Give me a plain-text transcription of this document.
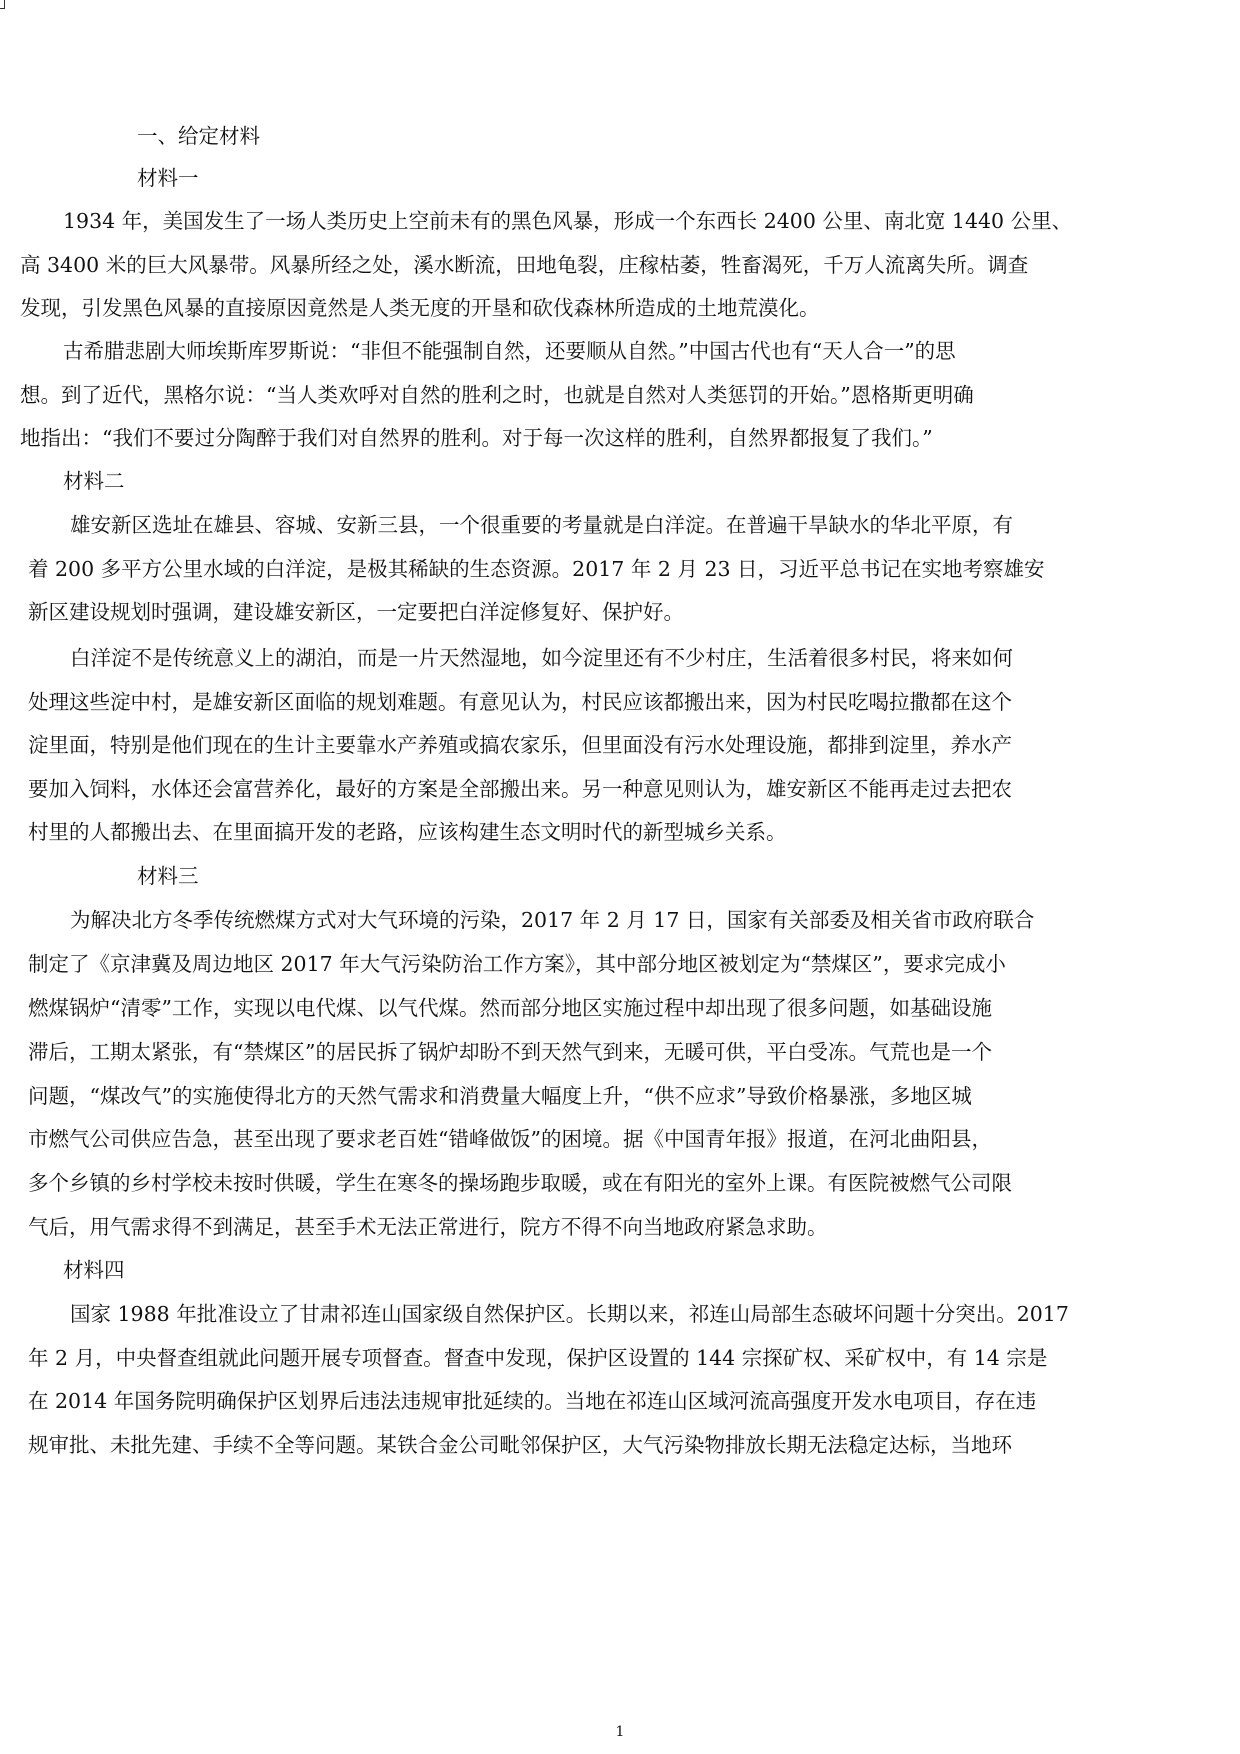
一、给定材料
材料一
1934 年，美国发生了一场人类历史上空前未有的黑色风暴，形成一个东西长 2400 公里、南北宽 1440 公里、
高 3400 米的巨大风暴带。风暴所经之处，溪水断流，田地龟裂，庄稼枯萎，牲畜渴死，千万人流离失所。调查
发现，引发黑色风暴的直接原因竟然是人类无度的开垦和砍伐森林所造成的土地荒漠化。
古希腊悲剧大师埃斯库罗斯说：“非但不能强制自然，还要顺从自然。”中国古代也有“天人合一”的思
想。到了近代，黑格尔说：“当人类欢呼对自然的胜利之时，也就是自然对人类惩罚的开始。”恩格斯更明确
地指出：“我们不要过分陶醉于我们对自然界的胜利。对于每一次这样的胜利，自然界都报复了我们。”
材料二
雄安新区选址在雄县、容城、安新三县，一个很重要的考量就是白洋淀。在普遍干旱缺水的华北平原，有
着 200 多平方公里水域的白洋淀，是极其稀缺的生态资源。2017 年 2 月 23 日，习近平总书记在实地考察雄安
新区建设规划时强调，建设雄安新区，一定要把白洋淀修复好、保护好。
白洋淀不是传统意义上的湖泊，而是一片天然湿地，如今淀里还有不少村庄，生活着很多村民，将来如何
处理这些淀中村，是雄安新区面临的规划难题。有意见认为，村民应该都搬出来，因为村民吃喝拉撒都在这个
淀里面，特别是他们现在的生计主要靠水产养殖或搞农家乐，但里面没有污水处理设施，都排到淀里，养水产
要加入饲料，水体还会富营养化，最好的方案是全部搬出来。另一种意见则认为，雄安新区不能再走过去把农
村里的人都搬出去、在里面搞开发的老路，应该构建生态文明时代的新型城乡关系。
材料三
为解决北方冬季传统燃煤方式对大气环境的污染，2017 年 2 月 17 日，国家有关部委及相关省市政府联合
制定了《京津冀及周边地区 2017 年大气污染防治工作方案》，其中部分地区被划定为“禁煤区”，要求完成小
燃煤锅炉“清零”工作，实现以电代煤、以气代煤。然而部分地区实施过程中却出现了很多问题，如基础设施
滞后，工期太紧张，有“禁煤区”的居民拆了锅炉却盼不到天然气到来，无暖可供，平白受冻。气荒也是一个
问题，“煤改气”的实施使得北方的天然气需求和消费量大幅度上升，“供不应求”导致价格暴涨，多地区城
市燃气公司供应告急，甚至出现了要求老百姓“错峰做饭”的困境。据《中国青年报》报道，在河北曲阳县，
多个乡镇的乡村学校未按时供暖，学生在寒冬的操场跑步取暖，或在有阳光的室外上课。有医院被燃气公司限
气后，用气需求得不到满足，甚至手术无法正常进行，院方不得不向当地政府紧急求助。
材料四
国家 1988 年批准设立了甘肃祁连山国家级自然保护区。长期以来，祁连山局部生态破坏问题十分突出。2017
年 2 月，中央督查组就此问题开展专项督查。督查中发现，保护区设置的 144 宗探矿权、采矿权中，有 14 宗是
在 2014 年国务院明确保护区划界后违法违规审批延续的。当地在祁连山区域河流高强度开发水电项目，存在违
规审批、未批先建、手续不全等问题。某铁合金公司毗邻保护区，大气污染物排放长期无法稳定达标，当地环
1
